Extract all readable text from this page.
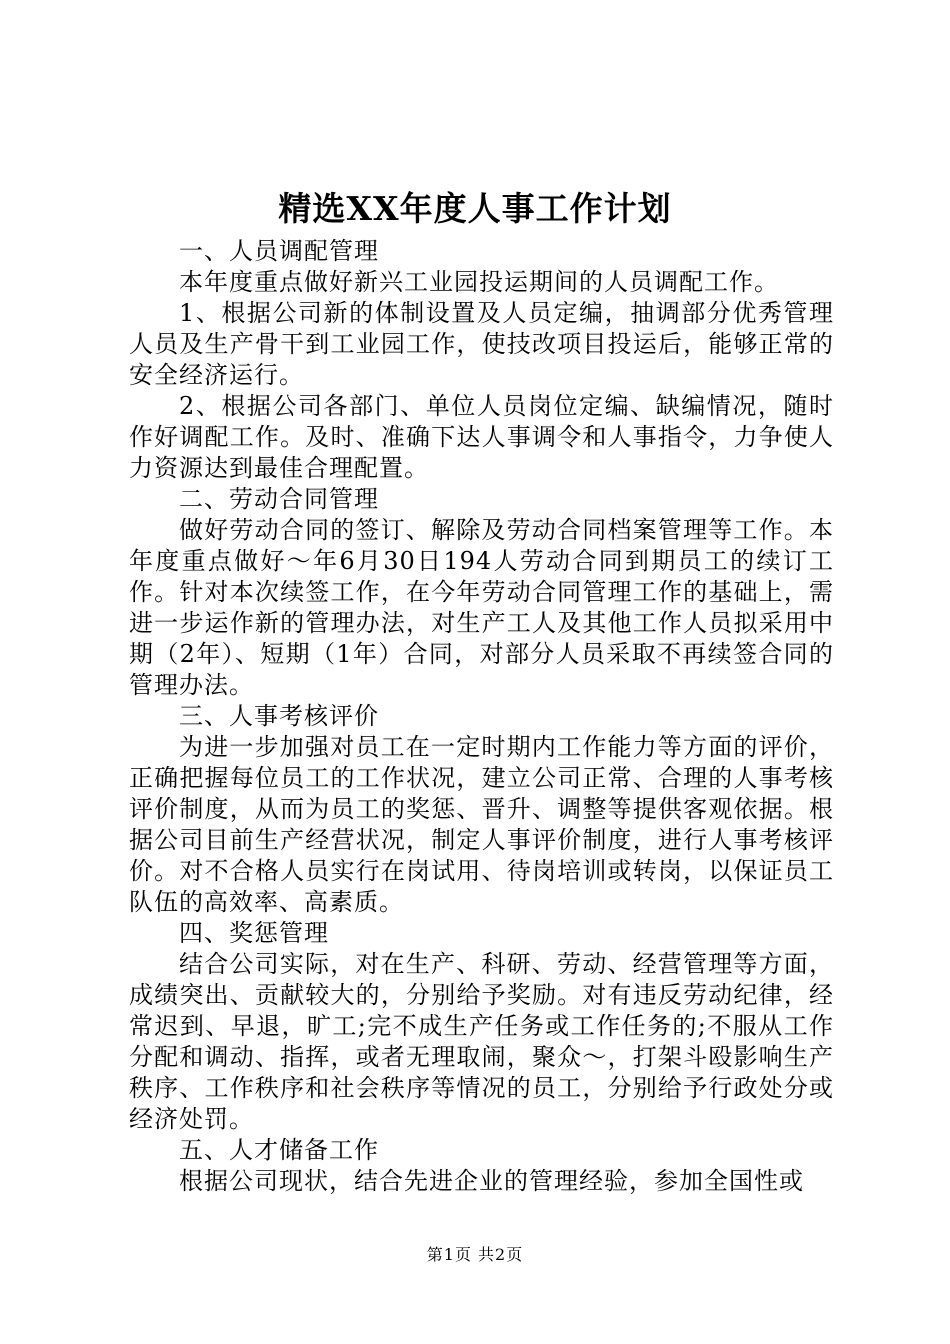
精选XX年度人事工作计划

一、人员调配管理

本年度重点做好新兴工业园投运期间的人员调配工作。

1、根据公司新的体制设置及人员定编，抽调部分优秀管理人员及生产骨干到工业园工作，使技改项目投运后，能够正常的安全经济运行。

2、根据公司各部门、单位人员岗位定编、缺编情况，随时作好调配工作。及时、准确下达人事调令和人事指令，力争使人力资源达到最佳合理配置。

二、劳动合同管理

做好劳动合同的签订、解除及劳动合同档案管理等工作。本年度重点做好～年6月30日194人劳动合同到期员工的续订工作。针对本次续签工作，在今年劳动合同管理工作的基础上，需进一步运作新的管理办法，对生产工人及其他工作人员拟采用中期（2年）、短期（1年）合同，对部分人员采取不再续签合同的管理办法。

三、人事考核评价

为进一步加强对员工在一定时期内工作能力等方面的评价，正确把握每位员工的工作状况，建立公司正常、合理的人事考核评价制度，从而为员工的奖惩、晋升、调整等提供客观依据。根据公司目前生产经营状况，制定人事评价制度，进行人事考核评价。对不合格人员实行在岗试用、待岗培训或转岗，以保证员工队伍的高效率、高素质。

四、奖惩管理

结合公司实际，对在生产、科研、劳动、经营管理等方面，成绩突出、贡献较大的，分别给予奖励。对有违反劳动纪律，经常迟到、早退，旷工;完不成生产任务或工作任务的;不服从工作分配和调动、指挥，或者无理取闹，聚众～，打架斗殴影响生产秩序、工作秩序和社会秩序等情况的员工，分别给予行政处分或经济处罚。

五、人才储备工作

根据公司现状，结合先进企业的管理经验，参加全国性或

第1页 共2页
